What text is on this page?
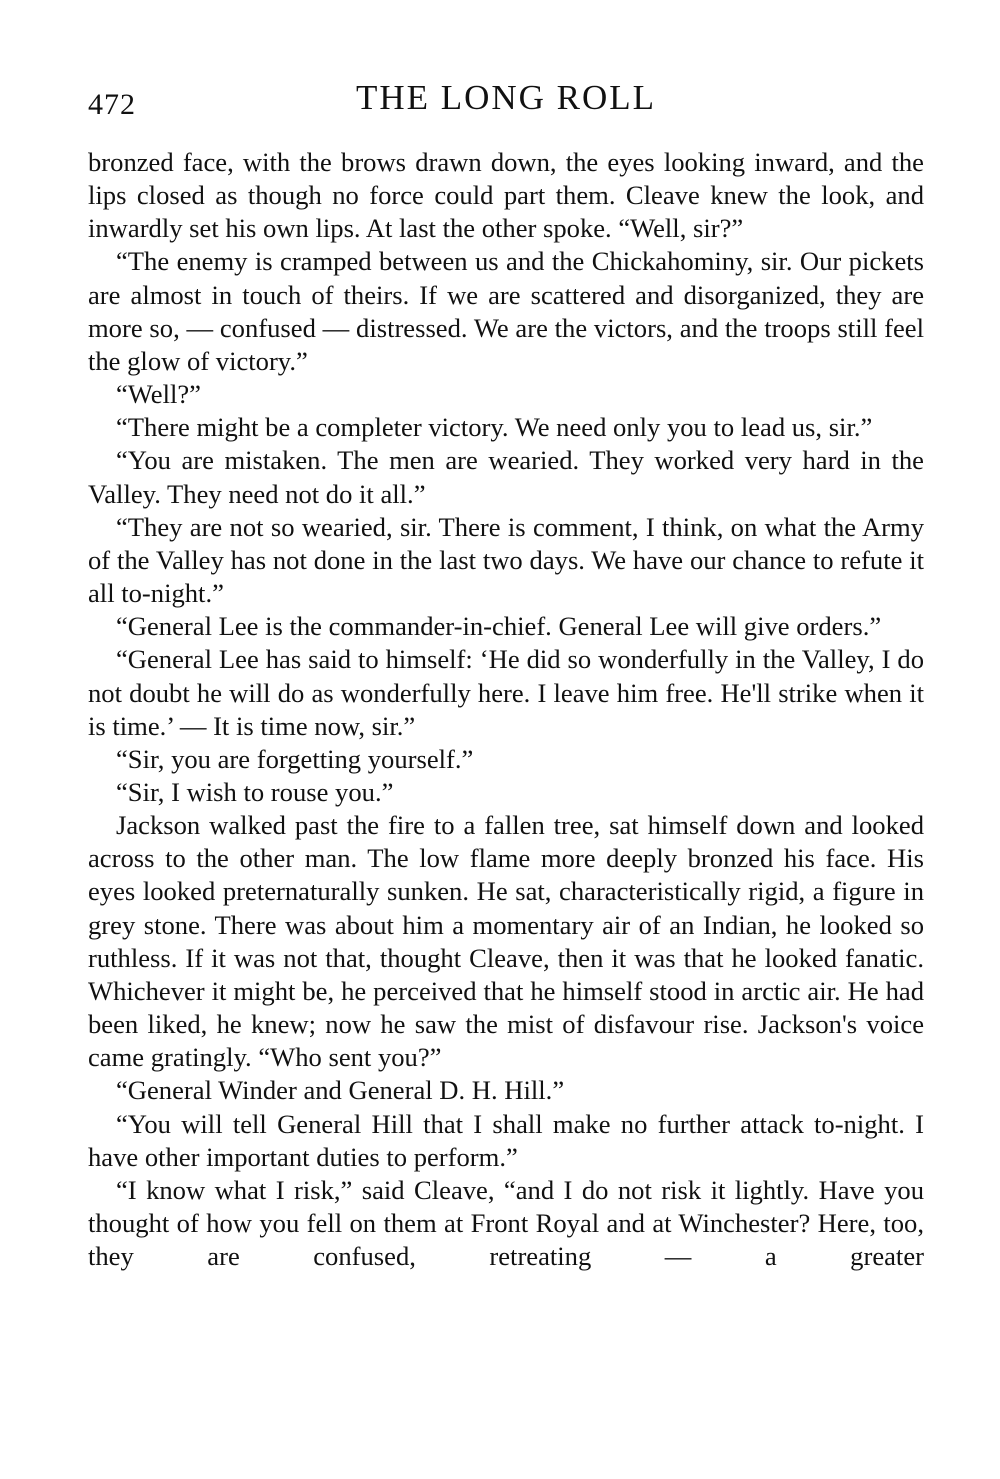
472	THE LONG ROLL

bronzed face, with the brows drawn down, the eyes looking inward, and the lips closed as though no force could part them. Cleave knew the look, and inwardly set his own lips. At last the other spoke. “Well, sir?”

“The enemy is cramped between us and the Chickahominy, sir. Our pickets are almost in touch of theirs. If we are scattered and disorganized, they are more so, — confused — distressed. We are the victors, and the troops still feel the glow of victory.”

“Well?”

“There might be a completer victory. We need only you to lead us, sir.”

“You are mistaken. The men are wearied. They worked very hard in the Valley. They need not do it all.”

“They are not so wearied, sir. There is comment, I think, on what the Army of the Valley has not done in the last two days. We have our chance to refute it all to-night.”

“General Lee is the commander-in-chief. General Lee will give orders.”

“General Lee has said to himself: ‘He did so wonderfully in the Valley, I do not doubt he will do as wonderfully here. I leave him free. He'll strike when it is time.’ — It is time now, sir.”

“Sir, you are forgetting yourself.”

“Sir, I wish to rouse you.”

Jackson walked past the fire to a fallen tree, sat himself down and looked across to the other man. The low flame more deeply bronzed his face. His eyes looked preternaturally sunken. He sat, characteristically rigid, a figure in grey stone. There was about him a momentary air of an Indian, he looked so ruthless. If it was not that, thought Cleave, then it was that he looked fanatic. Whichever it might be, he perceived that he himself stood in arctic air. He had been liked, he knew; now he saw the mist of disfavour rise. Jackson's voice came gratingly. “Who sent you?”

“General Winder and General D. H. Hill.”

“You will tell General Hill that I shall make no further attack to-night. I have other important duties to perform.”

“I know what I risk,” said Cleave, “and I do not risk it lightly. Have you thought of how you fell on them at Front Royal and at Winchester? Here, too, they are confused, retreating — a greater
